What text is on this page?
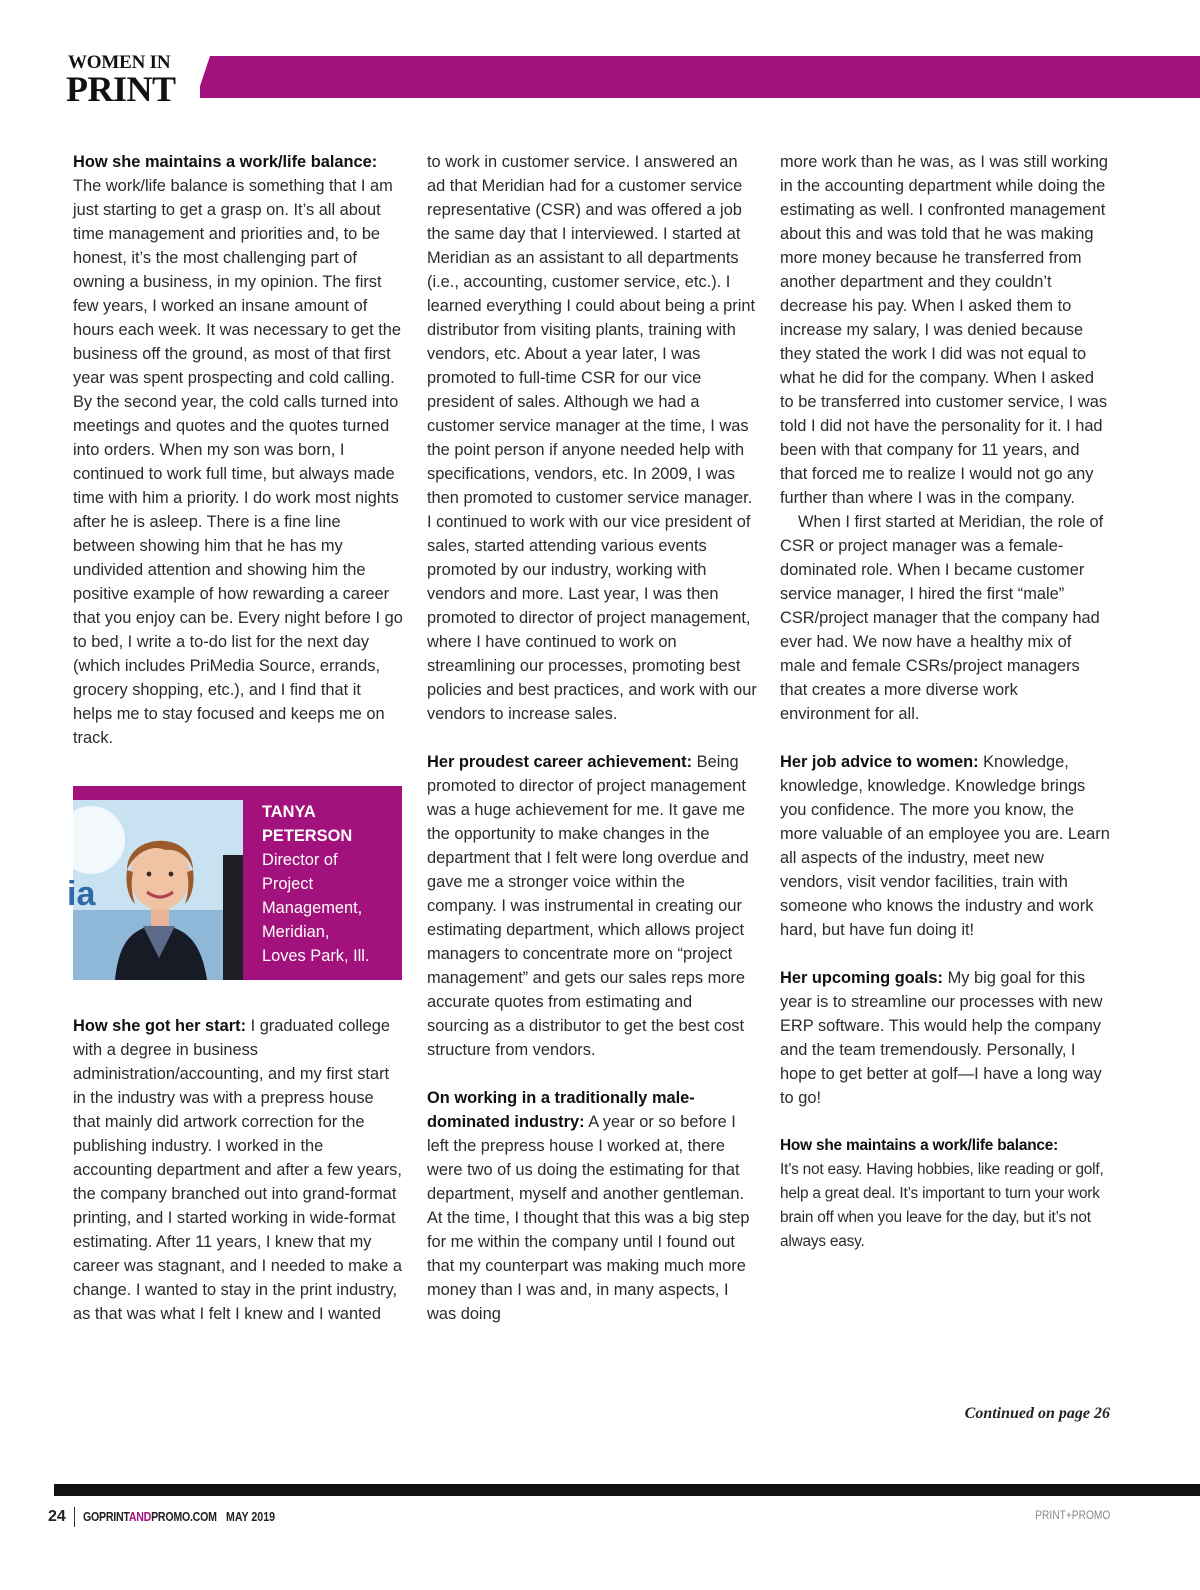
WOMEN IN
PRINT

How she maintains a work/life balance: The work/life balance is something that I am just starting to get a grasp on. It’s all about time management and priorities and, to be honest, it’s the most challenging part of owning a business, in my opinion. The first few years, I worked an insane amount of hours each week. It was necessary to get the business off the ground, as most of that first year was spent prospecting and cold calling. By the second year, the cold calls turned into meetings and quotes and the quotes turned into orders. When my son was born, I continued to work full time, but always made time with him a priority. I do work most nights after he is asleep. There is a fine line between showing him that he has my undivided attention and showing him the positive example of how rewarding a career that you enjoy can be. Every night before I go to bed, I write a to-do list for the next day (which includes PriMedia Source, errands, grocery shopping, etc.), and I find that it helps me to stay focused and keeps me on track.

ia
TANYA
PETERSON
Director of
Project
Management,
Meridian,
Loves Park, Ill.

How she got her start: I graduated college with a degree in business administration/accounting, and my first start in the industry was with a prepress house that mainly did artwork correction for the publishing industry. I worked in the accounting department and after a few years, the company branched out into grand-format printing, and I started working in wide-format estimating. After 11 years, I knew that my career was stagnant, and I needed to make a change. I wanted to stay in the print industry, as that was what I felt I knew and I wanted

to work in customer service. I answered an ad that Meridian had for a customer service representative (CSR) and was offered a job the same day that I interviewed. I started at Meridian as an assistant to all departments (i.e., accounting, customer service, etc.). I learned everything I could about being a print distributor from visiting plants, training with vendors, etc. About a year later, I was promoted to full-time CSR for our vice president of sales. Although we had a customer service manager at the time, I was the point person if anyone needed help with specifications, vendors, etc. In 2009, I was then promoted to customer service manager. I continued to work with our vice president of sales, started attending various events promoted by our industry, working with vendors and more. Last year, I was then promoted to director of project management, where I have continued to work on streamlining our processes, promoting best policies and best practices, and work with our vendors to increase sales.

Her proudest career achievement: Being promoted to director of project management was a huge achievement for me. It gave me the opportunity to make changes in the department that I felt were long overdue and gave me a stronger voice within the company. I was instrumental in creating our estimating department, which allows project managers to concentrate more on “project management” and gets our sales reps more accurate quotes from estimating and sourcing as a distributor to get the best cost structure from vendors.

On working in a traditionally male-dominated industry: A year or so before I left the prepress house I worked at, there were two of us doing the estimating for that department, myself and another gentleman. At the time, I thought that this was a big step for me within the company until I found out that my counterpart was making much more money than I was and, in many aspects, I was doing

more work than he was, as I was still working in the accounting department while doing the estimating as well. I confronted management about this and was told that he was making more money because he transferred from another department and they couldn’t decrease his pay. When I asked them to increase my salary, I was denied because they stated the work I did was not equal to what he did for the company. When I asked to be transferred into customer service, I was told I did not have the personality for it. I had been with that company for 11 years, and that forced me to realize I would not go any further than where I was in the company.

When I first started at Meridian, the role of CSR or project manager was a female-dominated role. When I became customer service manager, I hired the first “male” CSR/project manager that the company had ever had. We now have a healthy mix of male and female CSRs/project managers that creates a more diverse work environment for all.

Her job advice to women: Knowledge, knowledge, knowledge. Knowledge brings you confidence. The more you know, the more valuable of an employee you are. Learn all aspects of the industry, meet new vendors, visit vendor facilities, train with someone who knows the industry and work hard, but have fun doing it!

Her upcoming goals: My big goal for this year is to streamline our processes with new ERP software. This would help the company and the team tremendously. Personally, I hope to get better at golf—I have a long way to go!

How she maintains a work/life balance:
It’s not easy. Having hobbies, like reading or golf, help a great deal. It’s important to turn your work brain off when you leave for the day, but it’s not always easy.

Continued on page 26
24 GOPRINTANDPROMO.COM MAY 2019	PRINT+PROMO
